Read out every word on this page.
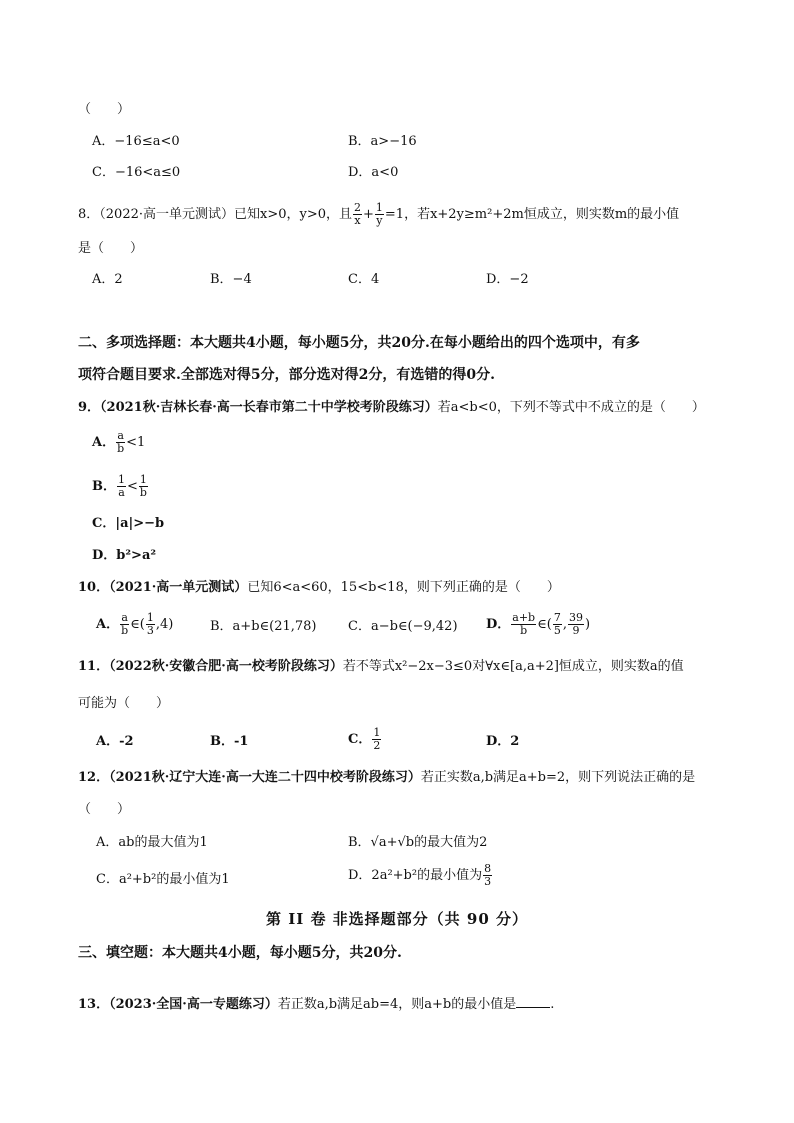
（　　）
A．−16≤a<0	B．a>−16
C．−16<a≤0	D．a<0
8．（2022·高一单元测试）已知x>0，y>0，且 $\frac{2}{x} + \frac{1}{y} =1$，若x+2y≥m²+2m恒成立，则实数m的最小值
是（　　）
A．2	B．−4	C．4	D．−2
二、多项选择题：本大题共4小题，每小题5分，共20分.在每小题给出的四个选项中，有多
项符合题目要求.全部选对得5分，部分选对得2分，有选错的得0分.
9．（2021秋·吉林长春·高一长春市第二十中学校考阶段练习）若a<b<0，下列不等式中不成立的是（　　）
A． $\frac{a}{b} <1$
B． $\frac{1}{a} < \frac{1}{b}$
C．|a|>−b
D．b²>a²
10．（2021·高一单元测试）已知6<a<60，15<b<18，则下列正确的是（　　）
A． $\frac{a}{b}$ ∈( $\frac{1}{3} ,4$)	B．a+b∈(21,78) C．a−b∈(−9,42) D． $\frac{a+b}{b}$ ∈( $\frac{7}{5}$ , $\frac{39}{9}$ )
11．（2022秋·安徽合肥·高一校考阶段练习）若不等式x²−2x−3≤0对∀x∈[a,a+2]恒成立，则实数a的值
可能为（　　）
A．-2	B．-1	C． $\frac{1}{2}$	D．2
12．（2021秋·辽宁大连·高一大连二十四中校考阶段练习）若正实数a,b满足a+b=2，则下列说法正确的是
（　　）
A．ab的最大值为1	B．√a+√b的最大值为2
C．a²+b²的最小值为1	D．2a²+b²的最小值为 $\frac{8}{3}$
第 II 卷 非选择题部分（共 90 分）
三、填空题：本大题共4小题，每小题5分，共20分.
13．（2023·全国·高一专题练习）若正数a,b满足ab=4，则a+b的最小值是	.
